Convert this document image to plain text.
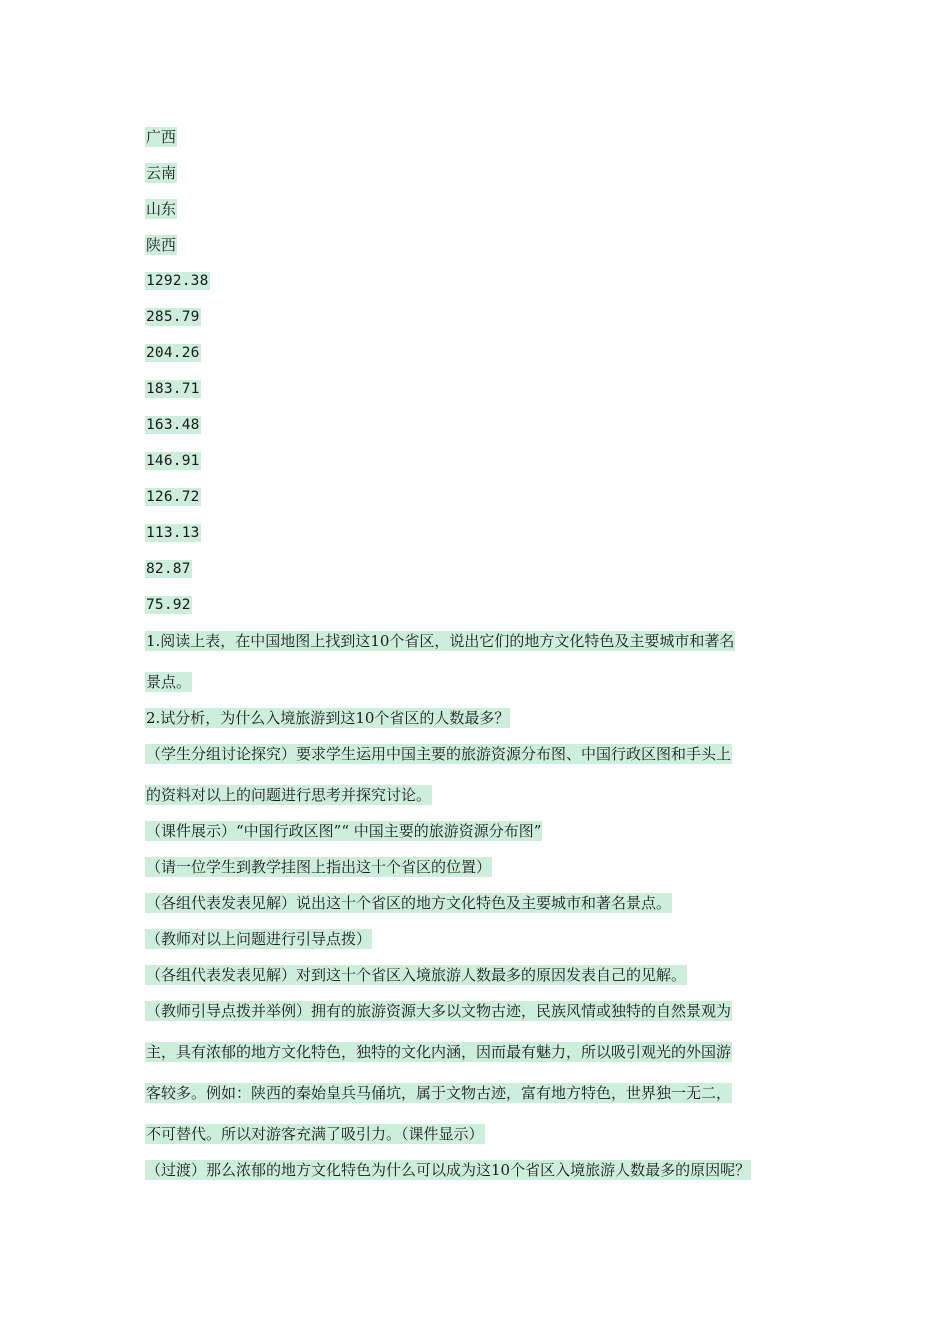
广西
云南
山东
陕西
1292.38
285.79
204.26
183.71
163.48
146.91
126.72
113.13
82.87
75.92
1.阅读上表，在中国地图上找到这10个省区，说出它们的地方文化特色及主要城市和著名
景点。
2.试分析，为什么入境旅游到这10个省区的人数最多？
（学生分组讨论探究）要求学生运用中国主要的旅游资源分布图、中国行政区图和手头上
的资料对以上的问题进行思考并探究讨论。
（课件展示）“中国行政区图”“ 中国主要的旅游资源分布图”
（请一位学生到教学挂图上指出这十个省区的位置）
（各组代表发表见解）说出这十个省区的地方文化特色及主要城市和著名景点。
（教师对以上问题进行引导点拨）
（各组代表发表见解）对到这十个省区入境旅游人数最多的原因发表自己的见解。
（教师引导点拨并举例）拥有的旅游资源大多以文物古迹，民族风情或独特的自然景观为
主，具有浓郁的地方文化特色，独特的文化内涵，因而最有魅力，所以吸引观光的外国游
客较多。例如：陕西的秦始皇兵马俑坑，属于文物古迹，富有地方特色，世界独一无二，
不可替代。所以对游客充满了吸引力。（课件显示）
（过渡）那么浓郁的地方文化特色为什么可以成为这10个省区入境旅游人数最多的原因呢？
